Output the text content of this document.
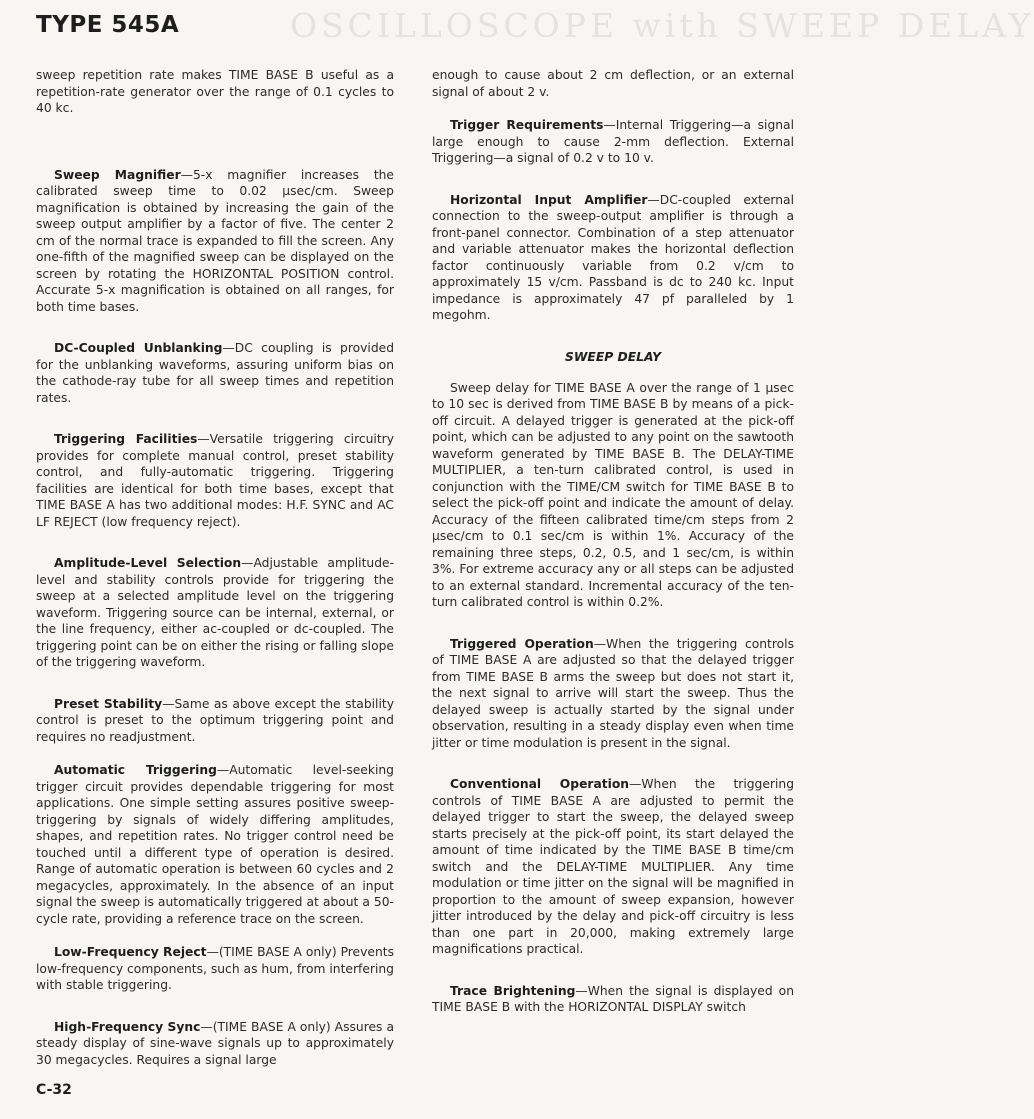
OSCILLOSCOPE with SWEEP DELAY
TYPE 545A

sweep repetition rate makes TIME BASE B useful as a repetition-rate generator over the range of 0.1 cycles to 40 kc.

Sweep Magnifier—5-x magnifier increases the calibrated sweep time to 0.02 μsec/cm. Sweep magnification is obtained by increasing the gain of the sweep output amplifier by a factor of five. The center 2 cm of the normal trace is expanded to fill the screen. Any one-fifth of the magnified sweep can be displayed on the screen by rotating the HORIZONTAL POSITION control. Accurate 5-x magnification is obtained on all ranges, for both time bases.

DC-Coupled Unblanking—DC coupling is provided for the unblanking waveforms, assuring uniform bias on the cathode-ray tube for all sweep times and repetition rates.

Triggering Facilities—Versatile triggering circuitry provides for complete manual control, preset stability control, and fully-automatic triggering. Triggering facilities are identical for both time bases, except that TIME BASE A has two additional modes: H.F. SYNC and AC LF REJECT (low frequency reject).

Amplitude-Level Selection—Adjustable amplitude-level and stability controls provide for triggering the sweep at a selected amplitude level on the triggering waveform. Triggering source can be internal, external, or the line frequency, either ac-coupled or dc-coupled. The triggering point can be on either the rising or falling slope of the triggering waveform.

Preset Stability—Same as above except the stability control is preset to the optimum triggering point and requires no readjustment.

Automatic Triggering—Automatic level-seeking trigger circuit provides dependable triggering for most applications. One simple setting assures positive sweep-triggering by signals of widely differing amplitudes, shapes, and repetition rates. No trigger control need be touched until a different type of operation is desired. Range of automatic operation is between 60 cycles and 2 megacycles, approximately. In the absence of an input signal the sweep is automatically triggered at about a 50-cycle rate, providing a reference trace on the screen.

Low-Frequency Reject—(TIME BASE A only) Prevents low-frequency components, such as hum, from interfering with stable triggering.

High-Frequency Sync—(TIME BASE A only) Assures a steady display of sine-wave signals up to approximately 30 megacycles. Requires a signal large

enough to cause about 2 cm deflection, or an external signal of about 2 v.

Trigger Requirements—Internal Triggering—a signal large enough to cause 2-mm deflection. External Triggering—a signal of 0.2 v to 10 v.

Horizontal Input Amplifier—DC-coupled external connection to the sweep-output amplifier is through a front-panel connector. Combination of a step attenuator and variable attenuator makes the horizontal deflection factor continuously variable from 0.2 v/cm to approximately 15 v/cm. Passband is dc to 240 kc. Input impedance is approximately 47 pf paralleled by 1 megohm.

SWEEP DELAY

Sweep delay for TIME BASE A over the range of 1 μsec to 10 sec is derived from TIME BASE B by means of a pick-off circuit. A delayed trigger is generated at the pick-off point, which can be adjusted to any point on the sawtooth waveform generated by TIME BASE B. The DELAY-TIME MULTIPLIER, a ten-turn calibrated control, is used in conjunction with the TIME/CM switch for TIME BASE B to select the pick-off point and indicate the amount of delay. Accuracy of the fifteen calibrated time/cm steps from 2 μsec/cm to 0.1 sec/cm is within 1%. Accuracy of the remaining three steps, 0.2, 0.5, and 1 sec/cm, is within 3%. For extreme accuracy any or all steps can be adjusted to an external standard. Incremental accuracy of the ten-turn calibrated control is within 0.2%.

Triggered Operation—When the triggering controls of TIME BASE A are adjusted so that the delayed trigger from TIME BASE B arms the sweep but does not start it, the next signal to arrive will start the sweep. Thus the delayed sweep is actually started by the signal under observation, resulting in a steady display even when time jitter or time modulation is present in the signal.

Conventional Operation—When the triggering controls of TIME BASE A are adjusted to permit the delayed trigger to start the sweep, the delayed sweep starts precisely at the pick-off point, its start delayed the amount of time indicated by the TIME BASE B time/cm switch and the DELAY-TIME MULTIPLIER. Any time modulation or time jitter on the signal will be magnified in proportion to the amount of sweep expansion, however jitter introduced by the delay and pick-off circuitry is less than one part in 20,000, making extremely large magnifications practical.

Trace Brightening—When the signal is displayed on TIME BASE B with the HORIZONTAL DISPLAY switch

C-32
